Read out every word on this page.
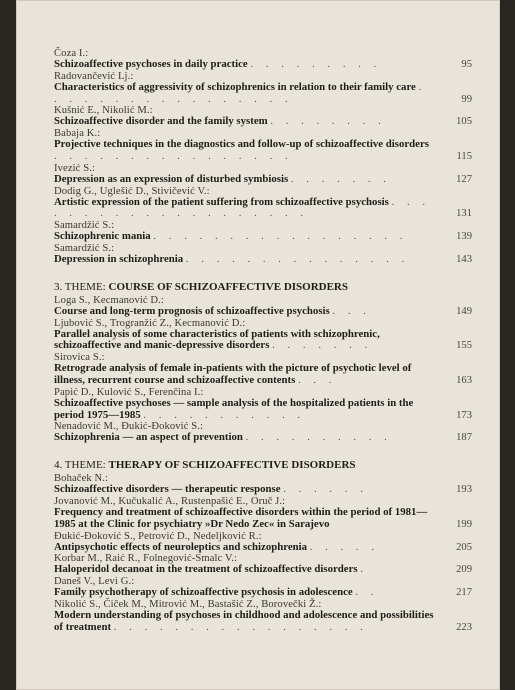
Čoza I.:
Schizoaffective psychoses in daily practice . . . . . . . . .	95
Radovančević Lj.:
Characteristics of aggressivity of schizophrenics in relation to their family care . . . . . . . . . . . . . . . . .	99
Kušnić E., Nikolić M.:
Schizoaffective disorder and the family system . . . . . . . .	105
Babaja K.:
Projective techniques in the diagnostics and follow-up of schizoaffective disorders . . . . . . . . . . . . . . . .	115
Ivezić S.:
Depression as an expression of disturbed symbiosis . . . . . . .	127
Dodig G., Uglešić D., Stivičević V.:
Artistic expression of the patient suffering from schizoaffective psychosis . . . . . . . . . . . . . . . . . . . .	131
Samardžić S.:
Schizophrenic mania . . . . . . . . . . . . . . . . .	139
Samardžić S.:
Depression in schizophrenia . . . . . . . . . . . . . . .	143
3. THEME: COURSE OF SCHIZOAFFECTIVE DISORDERS
Loga S., Kecmanović D.:
Course and long-term prognosis of schizoaffective psychosis . . .	149
Ljubović S., Trogranžić Z., Kecmanović D.:
Parallel analysis of some characteristics of patients with schizophrenic, schizoaffective and manic-depressive disorders . . . . . . .	155
Sirovica S.:
Retrograde analysis of female in-patients with the picture of psychotic level of illness, recurrent course and schizoaffective contents . . .	163
Papić D., Kulović S., Ferenčina I.:
Schizoaffective psychoses — sample analysis of the hospitalized patients in the period 1975—1985 . . . . . . . . . . .	173
Nenadović M., Đukić-Đoković S.:
Schizophrenia — an aspect of prevention . . . . . . . . . .	187
4. THEME: THERAPY OF SCHIZOAFFECTIVE DISORDERS
Bohaček N.:
Schizoaffective disorders — therapeutic response . . . . . .	193
Jovanović M., Kučukalić A., Rustenpašić E., Oruč J.:
Frequency and treatment of schizoaffective disorders within the period of 1981—1985 at the Clinic for psychiatry »Dr Nedo Zec« in Sarajevo	199
Đukić-Đoković S., Petrović D., Nedeljković R.:
Antipsychotic effects of neuroleptics and schizophrenia . . . . .	205
Korbar M., Raić R., Folnegović-Smalc V.:
Haloperidol decanoat in the treatment of schizoaffective disorders .	209
Daneš V., Levi G.:
Family psychotherapy of schizoaffective psychosis in adolescence . .	217
Nikolić S., Čiček M., Mitrović M., Bastašić Z., Borovečki Ž.:
Modern understanding of psychoses in childhood and adolescence and possibilities of treatment . . . . . . . . . . . . . . . . .	223
